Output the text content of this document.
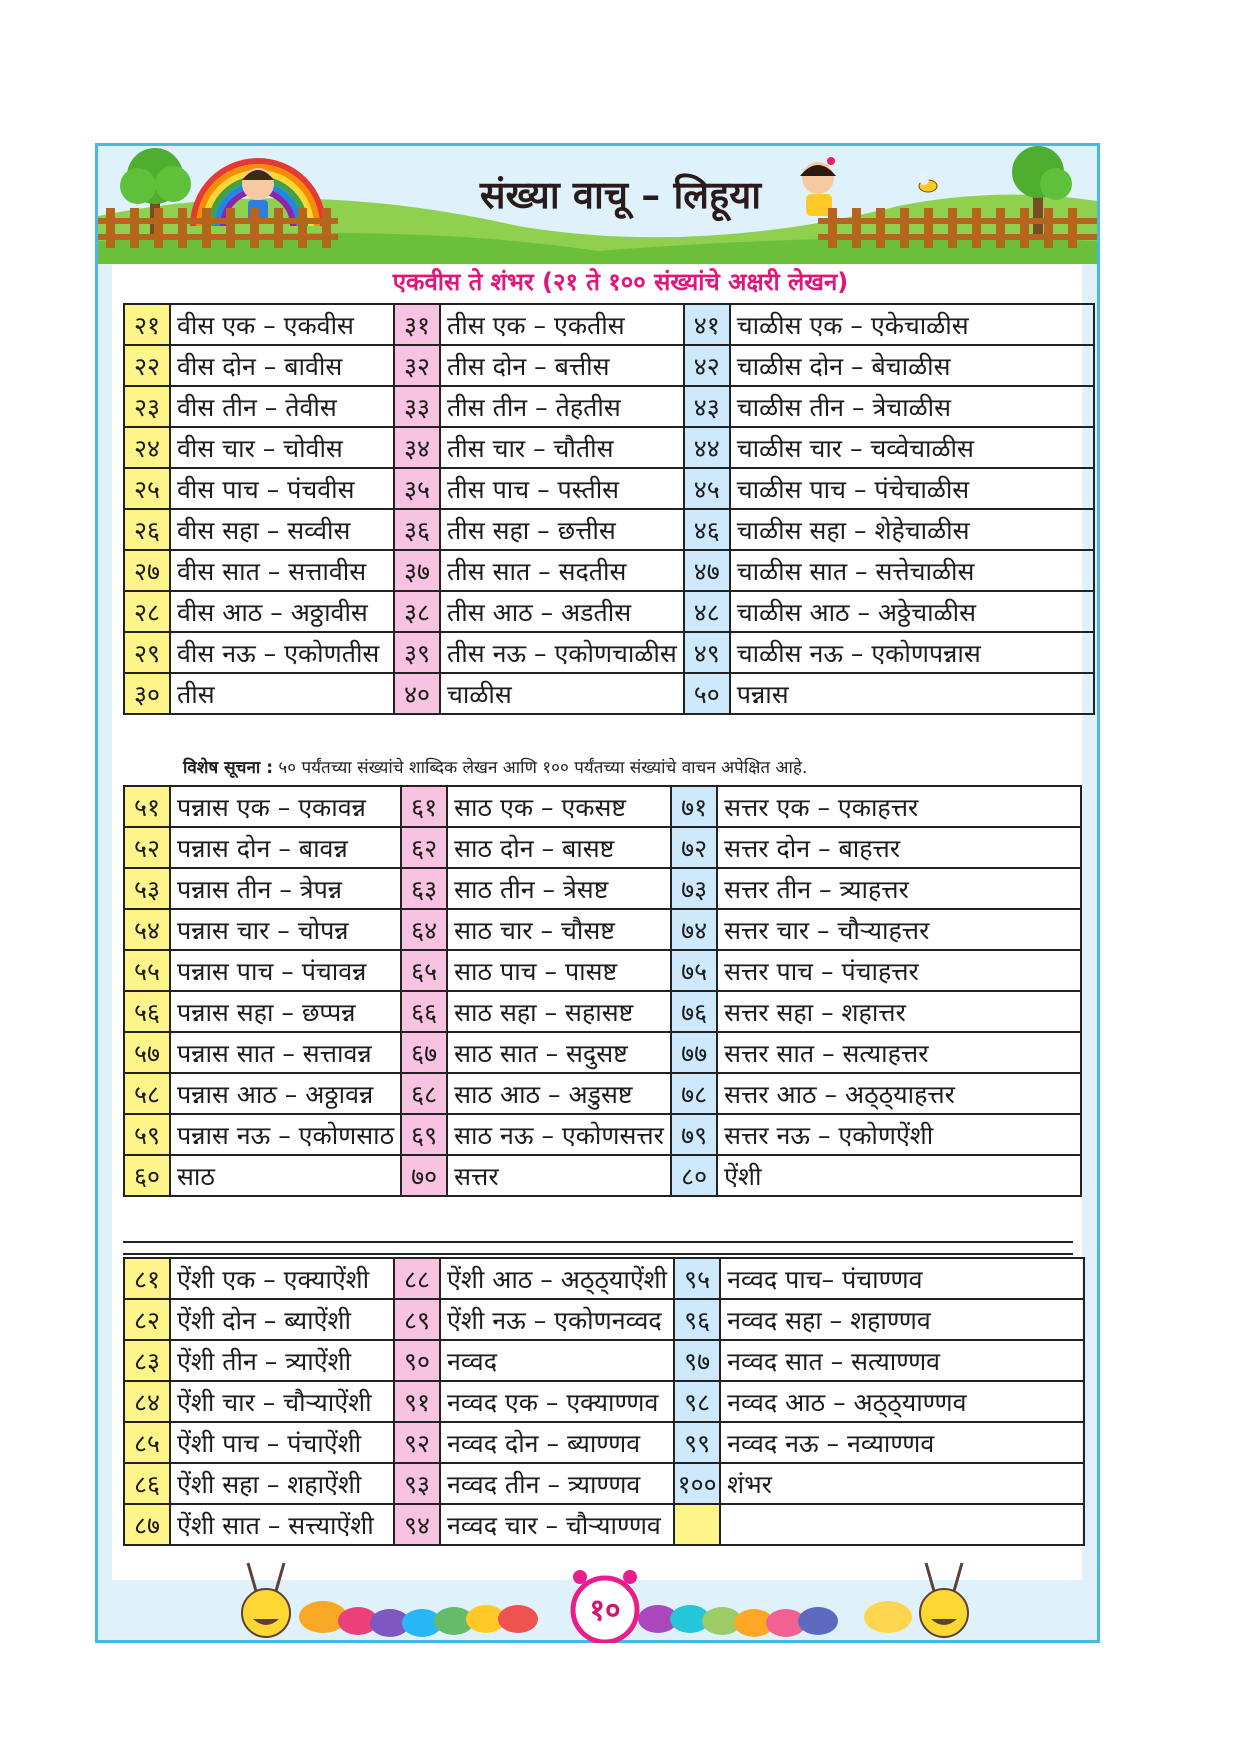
संख्या वाचू – लिहूया
एकवीस ते शंभर (२१ ते १०० संख्यांचे अक्षरी लेखन)
२१	वीस एक – एकवीस	३१	तीस एक – एकतीस	४१	चाळीस एक – एकेचाळीस
२२	वीस दोन – बावीस	३२	तीस दोन – बत्तीस	४२	चाळीस दोन – बेचाळीस
२३	वीस तीन – तेवीस	३३	तीस तीन – तेहतीस	४३	चाळीस तीन – त्रेचाळीस
२४	वीस चार – चोवीस	३४	तीस चार – चौतीस	४४	चाळीस चार – चव्वेचाळीस
२५	वीस पाच – पंचवीस	३५	तीस पाच – पस्तीस	४५	चाळीस पाच – पंचेचाळीस
२६	वीस सहा – सव्वीस	३६	तीस सहा – छत्तीस	४६	चाळीस सहा – शेहेचाळीस
२७	वीस सात – सत्तावीस	३७	तीस सात – सदतीस	४७	चाळीस सात – सत्तेचाळीस
२८	वीस आठ – अठ्ठावीस	३८	तीस आठ – अडतीस	४८	चाळीस आठ – अठ्ठेचाळीस
२९	वीस नऊ – एकोणतीस	३९	तीस नऊ – एकोणचाळीस	४९	चाळीस नऊ – एकोणपन्नास
३०	तीस	४०	चाळीस	५०	पन्नास
विशेष सूचना : ५० पर्यंतच्या संख्यांचे शाब्दिक लेखन आणि १०० पर्यंतच्या संख्यांचे वाचन अपेक्षित आहे.
५१	पन्नास एक – एकावन्न	६१	साठ एक – एकसष्ट	७१	सत्तर एक – एकाहत्तर
५२	पन्नास दोन – बावन्न	६२	साठ दोन – बासष्ट	७२	सत्तर दोन – बाहत्तर
५३	पन्नास तीन – त्रेपन्न	६३	साठ तीन – त्रेसष्ट	७३	सत्तर तीन – त्र्याहत्तर
५४	पन्नास चार – चोपन्न	६४	साठ चार – चौसष्ट	७४	सत्तर चार – चौऱ्याहत्तर
५५	पन्नास पाच – पंचावन्न	६५	साठ पाच – पासष्ट	७५	सत्तर पाच – पंचाहत्तर
५६	पन्नास सहा – छप्पन्न	६६	साठ सहा – सहासष्ट	७६	सत्तर सहा – शहात्तर
५७	पन्नास सात – सत्तावन्न	६७	साठ सात – सदुसष्ट	७७	सत्तर सात – सत्याहत्तर
५८	पन्नास आठ – अठ्ठावन्न	६८	साठ आठ – अडुसष्ट	७८	सत्तर आठ – अठ्ठ्याहत्तर
५९	पन्नास नऊ – एकोणसाठ	६९	साठ नऊ – एकोणसत्तर	७९	सत्तर नऊ – एकोणऐंशी
६०	साठ	७०	सत्तर	८०	ऐंशी
८१	ऐंशी एक – एक्याऐंशी	८८	ऐंशी आठ – अठ्ठ्याऐंशी	९५	नव्वद पाच– पंचाण्णव
८२	ऐंशी दोन – ब्याऐंशी	८९	ऐंशी नऊ – एकोणनव्वद	९६	नव्वद सहा – शहाण्णव
८३	ऐंशी तीन – त्र्याऐंशी	९०	नव्वद	९७	नव्वद सात – सत्याण्णव
८४	ऐंशी चार – चौऱ्याऐंशी	९१	नव्वद एक – एक्याण्णव	९८	नव्वद आठ – अठ्ठ्याण्णव
८५	ऐंशी पाच – पंचाऐंशी	९२	नव्वद दोन – ब्याण्णव	९९	नव्वद नऊ – नव्याण्णव
८६	ऐंशी सहा – शहाऐंशी	९३	नव्वद तीन – त्र्याण्णव	१००	शंभर
८७	ऐंशी सात – सत्त्याऐंशी	९४	नव्वद चार – चौऱ्याण्णव		
१०
